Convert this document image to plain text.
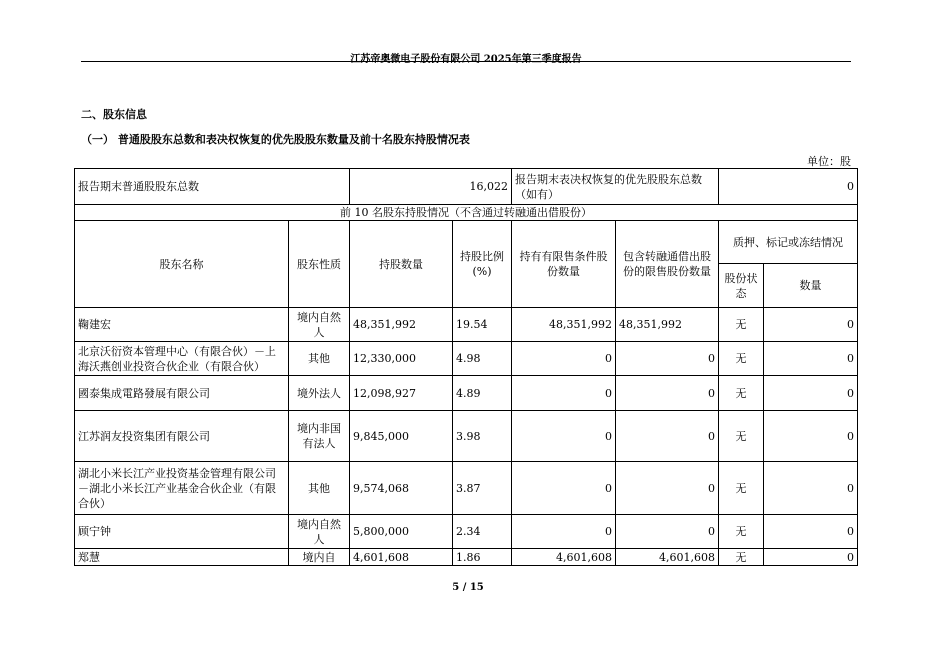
江苏帝奥微电子股份有限公司 2025年第三季度报告
二、股东信息
（一） 普通股股东总数和表决权恢复的优先股股东数量及前十名股东持股情况表
单位：股
报告期末普通股股东总数		16,022		报告期末表决权恢复的优先股股东总数（如有）		0	
前 10 名股东持股情况（不含通过转融通出借股份）							
股东名称	股东性质	持股数量	持股比例(%)	持有有限售条件股份数量	包含转融通借出股份的限售股份数量	质押、标记或冻结情况	
						股份状态	数量
鞠建宏	境内自然人	48,351,992	19.54	48,351,992	48,351,992	无	0
北京沃衍资本管理中心（有限合伙）－上海沃燕创业投资合伙企业（有限合伙）	其他	12,330,000	4.98	0	0	无	0
國泰集成電路發展有限公司	境外法人	12,098,927	4.89	0	0	无	0
江苏润友投资集团有限公司	境内非国有法人	9,845,000	3.98	0	0	无	0
湖北小米长江产业投资基金管理有限公司－湖北小米长江产业基金合伙企业（有限合伙）	其他	9,574,068	3.87	0	0	无	0
顾宁钟	境内自然人	5,800,000	2.34	0	0	无	0
郑慧	境内自	4,601,608	1.86	4,601,608	4,601,608	无	0
5 / 15
